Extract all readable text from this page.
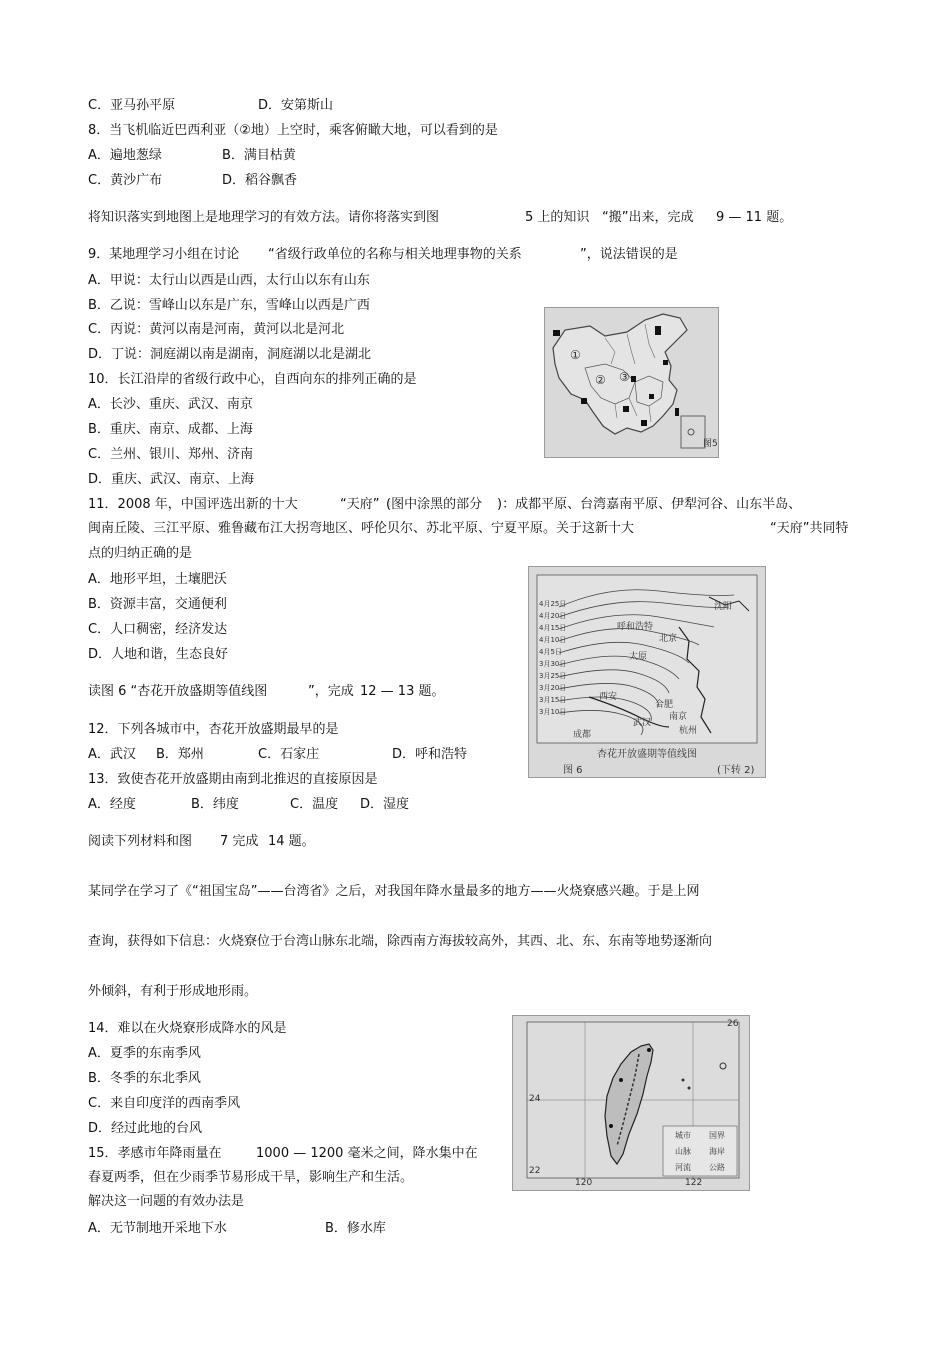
C．亚马孙平原	D．安第斯山
8．当飞机临近巴西利亚（②地）上空时，乘客俯瞰大地，可以看到的是
A．遍地葱绿	B．满目枯黄
C．黄沙广布	D．稻谷飘香
将知识落实到地图上是地理学习的有效方法。请你将落实到图	5 上的知识 “搬”出来，完成 9 — 11 题。
9．某地理学习小组在讨论 “省级行政单位的名称与相关地理事物的关系	”，说法错误的是
A．甲说：太行山以西是山西，太行山以东有山东
B．乙说：雪峰山以东是广东，雪峰山以西是广西
C．丙说：黄河以南是河南，黄河以北是河北
D．丁说：洞庭湖以南是湖南，洞庭湖以北是湖北
10．长江沿岸的省级行政中心，自西向东的排列正确的是
A．长沙、重庆、武汉、南京
B．重庆、南京、成都、上海
C．兰州、银川、郑州、济南
D．重庆、武汉、南京、上海
①
② ③
图5
11．2008 年，中国评选出新的十大	“天府” (图中涂黑的部分 )：成都平原、台湾嘉南平原、伊犁河谷、山东半岛、
闽南丘陵、三江平原、雅鲁藏布江大拐弯地区、呼伦贝尔、苏北平原、宁夏平原。关于这新十大	“天府”共同特
点的归纳正确的是
A．地形平坦，土壤肥沃
B．资源丰富，交通便利
C．人口稠密，经济发达
D．人地和谐，生态良好
读图 6 “杏花开放盛期等值线图	”，完成 12 — 13 题。
12．下列各城市中，杏花开放盛期最早的是
A．武汉 B．郑州	C．石家庄	D．呼和浩特
13．致使杏花开放盛期由南到北推迟的直接原因是
A．经度	B．纬度	C．温度 D．湿度
沈阳
呼和浩特
北京
太原
西安
合肥
南京
杭州
武汉
成都
4月25日
4月20日
4月15日
4月10日
4月5日
3月30日
3月25日
3月20日
3月15日
3月10日
杏花开放盛期等值线图
图 6	(下转 2)
阅读下列材料和图 7 完成 14 题。
某同学在学习了《“祖国宝岛”——台湾省》之后，对我国年降水量最多的地方——火烧寮感兴趣。于是上网
查询，获得如下信息：火烧寮位于台湾山脉东北端，除西南方海拔较高外，其西、北、东、东南等地势逐渐向
外倾斜，有利于形成地形雨。
14．难以在火烧寮形成降水的风是
A．夏季的东南季风
B．冬季的东北季风
C．来自印度洋的西南季风
D．经过此地的台风
15．孝感市年降雨量在	1000 — 1200 毫米之间，降水集中在
春夏两季，但在少雨季节易形成干旱，影响生产和生活。
解决这一问题的有效办法是
A．无节制地开采地下水	B．修水库
26
24
22
120	122
城市 国界
山脉 海岸
河流 公路
